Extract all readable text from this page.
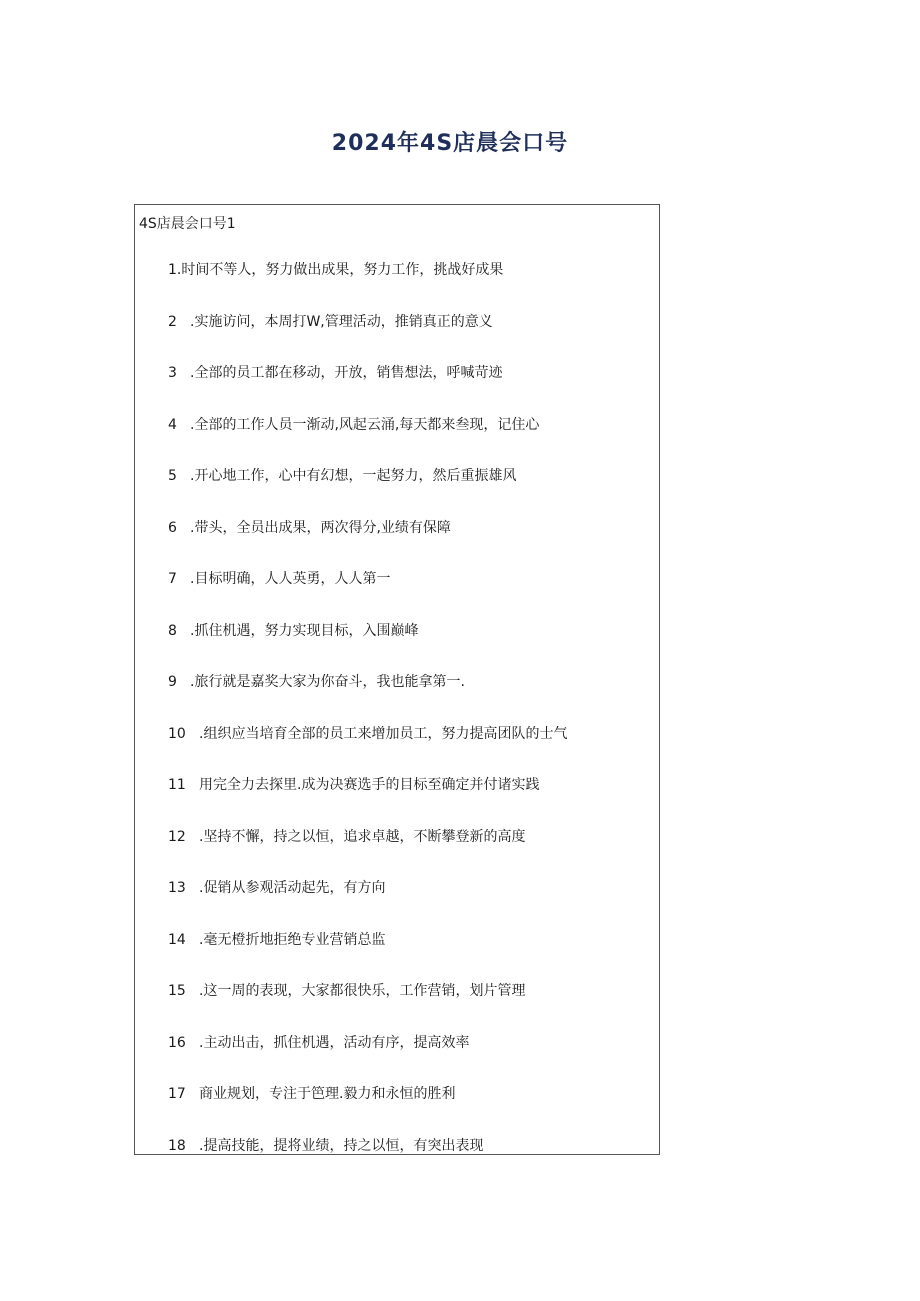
2024年4S店晨会口号

4S店晨会口号1

1.时间不等人，努力做出成果，努力工作，挑战好成果
2 .实施访问，本周打W,管理活动，推销真正的意义
3 .全部的员工都在移动，开放，销售想法，呼喊苛迹
4 .全部的工作人员一渐动,风起云涌,每天都来叁现，记住心
5 .开心地工作，心中有幻想，一起努力，然后重振雄风
6 .带头，全员出成果，两次得分,业绩有保障
7 .目标明确，人人英勇，人人第一
8 .抓住机遇，努力实现目标，入围巅峰
9 .旅行就是嘉奖大家为你奋斗，我也能拿第一.
10 .组织应当培育全部的员工来增加员工，努力提高团队的士气
11 用完全力去探里.成为决赛选手的目标至确定并付诸实践
12 .坚持不懈，持之以恒，追求卓越，不断攀登新的高度
13 .促销从参观活动起先，有方向
14 .毫无橙折地拒绝专业营销总监
15 .这一周的表现，大家都很快乐，工作营销，划片管理
16 .主动出击，抓住机遇，活动有序，提高效率
17 商业规划，专注于笆理.毅力和永恒的胜利
18 .提高技能，提将业绩，持之以恒，有突出表现
